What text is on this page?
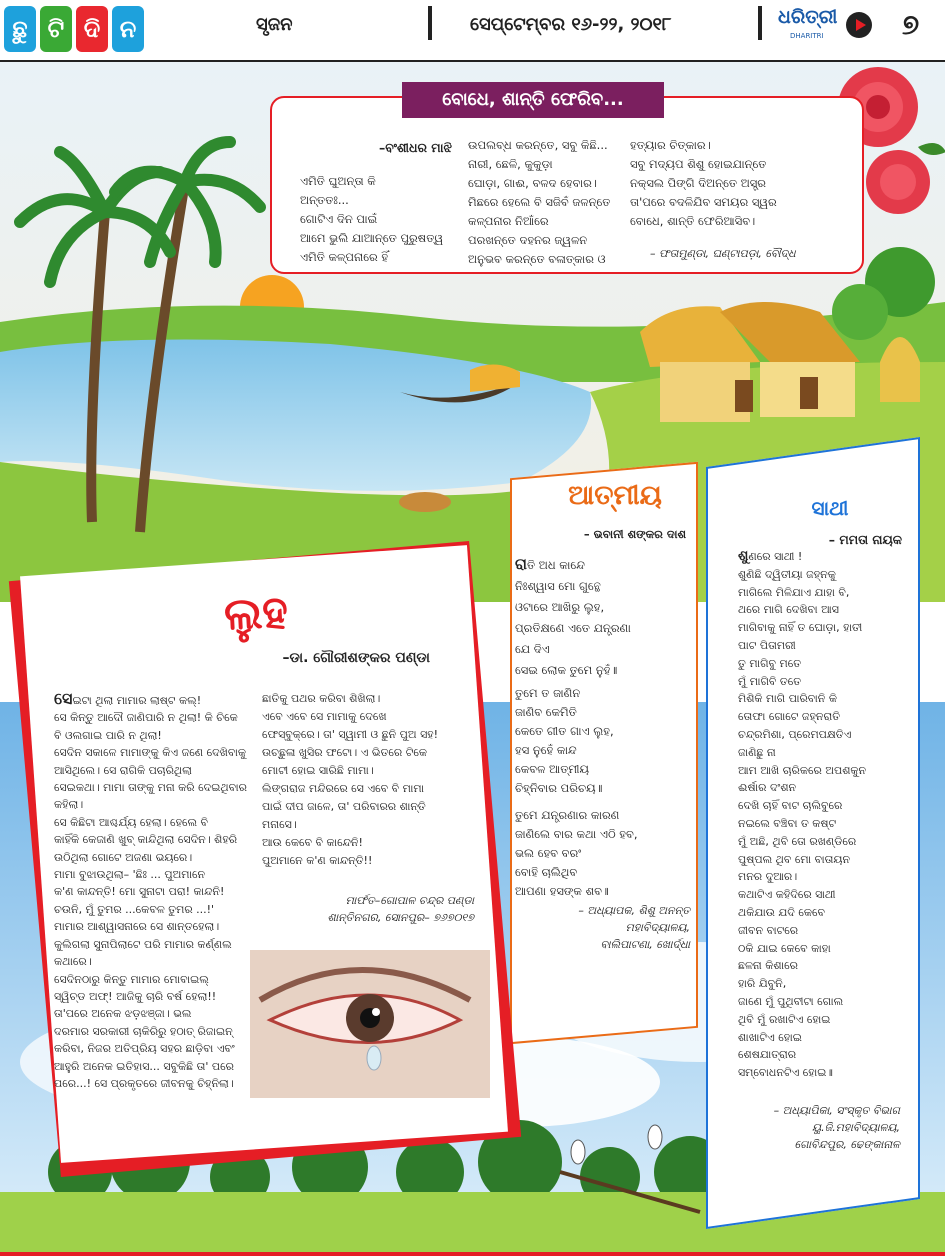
ଛୁ ଟି ଦି ନ	ସୃଜନ	ସେପ୍ଟେମ୍ବର ୧୬-୨୨, ୨୦୧୮	ଧରିତ୍ରୀ
DHARITRI	୭
ବୋଧେ, ଶାନ୍ତି ଫେରିବ...
–ବଂଶୀଧର ମାଝି
ଏମିତି ଘୁଅନ୍ତା କି
ଅନ୍ତତଃ...
ଗୋଟିଏ ଦିନ ପାଇଁ
ଆମେ ଭୁଲି ଯାଆନ୍ତେ ପୁରୁଷତ୍ୱ
ଏମିତି କଳ୍ପନାରେ ହିଁ
ଉପଲବ୍ଧ କରନ୍ତେ, ସବୁ କିଛି...
ନାରୀ, ଛେଳି, କୁକୁଡ଼ା
ଘୋଡ଼ା, ଗାଈ, ବଳଦ ହେବାର।
ମିଛରେ ହେଲେ ବି ସଜିବଁ ଜଳନ୍ତେ
କଳ୍ପନାର ନିଆଁରେ
ପରଖନ୍ତେ ଦହନର ଜ୍ୱଳନ
ଅନୁଭବ କରନ୍ତେ ବଳାତ୍କାର ଓ
ହତ୍ୟାର ଚିତ୍କାର।
ସବୁ ମଦ୍ୟପ ଶିଶୁ ହୋଇଯାନ୍ତେ
ନକ୍ସଲ ପିଙ୍ଗି ଦିଅନ୍ତେ ଅସ୍ତ୍ର
ତା'ପରେ ବଦଳିଯିବ ସମୟର ସ୍ୱର
ବୋଧେ, ଶାନ୍ତି ଫେରିଆସିବ।
– ଫତାମୁଣ୍ଡା, ଘଣ୍ଟାପଡ଼ା, ବୌଦ୍ଧ
ଆତ୍ମୀୟ
– ଭବାନୀ ଶଙ୍କର ଦାଶ
ରାତି ଅଧ କାନ୍ଦେ
ନିଃଶ୍ୱାସ ମୋ ଗୁନ୍ଥେ
ଓଟାରେ ଆଖିରୁ ଲୁହ,
ପ୍ରତିକ୍ଷଣେ ଏତେ ଯନ୍ତ୍ରଣା
ଯେ ଦିଏ
ସେଇ ଲୋକ ତୁମେ ନୁହଁ॥
ତୁମେ ତ ଜାଣିନ
ଜାଣିବ କେମିତି
କେତେ ଗୀତ ଗାଏ ଲୁହ,
ହସ ନୁହେଁ କାନ୍ଦ
କେବଳ ଆତ୍ମୀୟ
ଚିହ୍ନିବାର ପରିଚୟ॥
ତୁମେ ଯନ୍ତ୍ରଣାର କାରଣ
ଜାଣିଲେ ବାର କଥା ଏଠି ହବ,
ଭଲ ହେବ ବରଂ
ବୋହି ଚାଲିଥିବ
ଆପଣା ହସଙ୍କ ଶବ॥
– ଅଧ୍ୟାପକ, ଶିଶୁ ଅନନ୍ତ
ମହାବିଦ୍ୟାଳୟ,
ବାଲିପାଟଣା, ଖୋର୍ଦ୍ଧା
ସାଥୀ
– ମମତା ନାୟକ
ଶୁଣରେ ସାଥୀ !
ଶୁଣିଛି ଦ୍ୱିତୀୟା ଜହ୍ନକୁ
ମାଗିଲେ ମିଳିଯାଏ ଯାହା ବି,
ଥରେ ମାଗି ଦେଖିବା ଆସ
ମାଗିବାକୁ ନାହିଁ ତ ଘୋଡ଼ା, ହାତୀ
ପାଟ ପିତାମରୀ
ତୁ ମାଗିବୁ ମତେ
ମୁଁ ମାଗିବି ତତେ
ମିଶିକି ମାଗି ପାରିବାନି କି
ତୋଫା ଗୋଟେ ଜହ୍ନରାତି
ଚନ୍ଦ୍ରମିଶା, ପ୍ରେମପକ୍ଷତିଏ
ଜାଣିଛୁ ନା
ଆମ ଆଖି ଚାରିକରେ ଅପଶକୁନ
ଈର୍ଷାର ଦଂଶନ
ଦେଖି ଚାହିଁ ବାଟ ଚାଲିବୁରେ
ନଇଲେ ବଞ୍ଚିବା ତ କଷ୍ଟ
ମୁଁ ଅଛି, ଥିବି ତୋ ରଖଣ୍ଡିରେ
ପୁଷ୍ପଲ ଥିବ ମୋ ବାତାୟନ
ମନର ଦୁଆର।
କଥାଟିଏ କହିଦିରେ ସାଥୀ
ଥକିଯାଉ ଯଦି କେବେ
ଜୀବନ ବାଟରେ
ଠକି ଯାଇ କେବେ କାହା
ଛଳନା କିଶାରେ
ହାରି ଯିବୁନି,
ଜାଣେ ମୁଁ ପୁଥିବୀଟା ଗୋଲ
ଥିବି ମୁଁ ରଖାଟିଏ ହୋଇ
ଶାଖାଟିଏ ହୋଇ
ଶେଷଯାତ୍ରାର
ସମ୍ବୋଧନଟିଏ ହୋଇ॥
– ଅଧ୍ୟାପିକା, ସଂସ୍କୃତ ବିଭାଗ
ୟୁ.ଜି.ମହାବିଦ୍ୟାଳୟ,
ଗୋବିନ୍ଦପୁର, ଢେଙ୍କାନାଳ
ଲୁହ
–ଡା. ଗୌରୀଶଙ୍କର ପଣ୍ଡା
ସେଇଟା ଥିଲା ମାମାର ଲାଷ୍ଟ କଲ୍!
ସେ କିନ୍ତୁ ଆଦୌ ଜାଣିପାରି ନ ଥିଲା! କି ଚିକେ
ବି ଓଲଗାଇ ପାରି ନ ଥିଲା!
ସେଦିନ ସକାଳେ ମାମାଙ୍କୁ କିଏ ଜଣେ ଦେଖିବାକୁ
ଆସିଥିଲେ। ସେ ରାଗିକି ପଚାରିଥିଲା
ସେଇକଥା। ମାମା ତାଙ୍କୁ ମନା କରି ଦେଇଥିବାର
କହିଲା।
ସେ କିଛିଟା ଆଶ୍ଚର୍ଯ୍ୟ ହେଲା। ହେଲେ ବି
କାହିଁକି କେଜାଣି ଖୁବ୍ କାନ୍ଦିଥିଲା ସେଦିନ। ଶିହରି
ଉଠିଥିଲା ଗୋଟେ ଅଜଣା ଭୟରେ।
ମାମା ବୁଝାଉଥିଲା– 'ଛିଃ ... ପୁଅମାନେ
କ'ଣ କାନ୍ଦନ୍ତି! ମୋ ସୁନାଟା ପରା! କାନ୍ଦନି!
ଚଉନି, ମୁଁ ତୁମର ...କେବଳ ତୁମର ...!'
ମାମାର ଆଶ୍ୱାସନାରେ ସେ ଶାନ୍ତହେଲା।
କୁଲିଗଲା ସୁନାପିଲାଟେ ପରି ମାମାର କର୍ଣ୍ଣଲ
କଥାରେ।
ସେଦିନଠାରୁ କିନ୍ତୁ ମାମାର ମୋବାଇଲ୍
ସ୍ୱିଚ୍ଡ ଅଫ୍! ଆଜିକୁ ଚାରି ବର୍ଷ ହେଲା!!
ତା'ପରେ ଅନେକ ଝଡ଼ଝଞ୍ଜା। ଭଲ
ଦରମାର ସରକାରୀ ଚାକିରିରୁ ହଠାତ୍ ରିଜାଇନ୍
କରିବା, ନିଜର ଅତିପ୍ରିୟ ସହର ଛାଡ଼ିବା ଏବଂ
ଆହୁରି ଅନେକ ଇତିହାସ... ସବୁକିଛି ତା' ପରେ
ପରେ...! ସେ ପ୍ରକୃତରେ ଜୀବନକୁ ଚିହ୍ନିଲା।
ଛାତିକୁ ପଥର କରିବା ଶିଖିଲା।
ଏବେ ଏବେ ସେ ମାମାକୁ ଦେଖେ
ଫେସ୍‌ବୁକ୍‌ରେ। ତା' ସ୍ୱାମୀ ଓ ଛୁନି ପୁଅ ସହ!
ଉଚ୍ଛୁଳା ଖୁସିର ଫଟୋ। ଏ ଭିତରେ ଟିକେ
ମୋଟୀ ହୋଇ ସାରିଛି ମାମା।
ଲିଙ୍ଗରାଜ ମନ୍ଦିରରେ ସେ ଏବେ ବି ମାମା
ପାଇଁ ଦୀପ ଜାଳେ, ତା' ପରିବାରର ଶାନ୍ତି
ମନାସେ।
ଆଉ କେବେ ବି କାନ୍ଦେନି!
ପୁଅମାନେ କ'ଣ କାନ୍ଦନ୍ତି!!
ମାର୍ଫତ–ଗୋପାଳ ଚନ୍ଦ୍ର ପଣ୍ଡା
ଶାନ୍ତିନଗର, ସୋନପୁର– ୭୬୭୦୧୭
